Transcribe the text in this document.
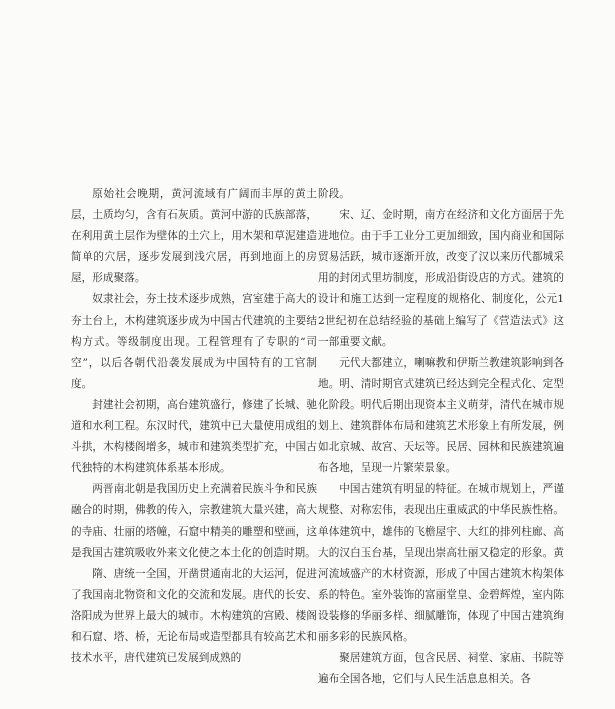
原始社会晚期，黄河流域有广阔而丰厚的黄土层，土质均匀，含有石灰质。黄河中游的氏族部落，在利用黄土层作为壁体的土穴上，用木架和草泥建造简单的穴居，逐步发展到浅穴居，再到地面上的房屋，形成聚落。

奴隶社会，夯土技术逐步成熟，宫室建于高大的夯土台上，木构建筑逐步成为中国古代建筑的主要结构方式。等级制度出现。工程管理有了专职的“司空”，以后各朝代沿袭发展成为中国特有的工官制度。

封建社会初期，高台建筑盛行，修建了长城、驰道和水利工程。东汉时代，建筑中已大量使用成组的斗拱，木构楼阁增多，城市和建筑类型扩充，中国古代独特的木构建筑体系基本形成。

两晋南北朝是我国历史上充满着民族斗争和民族融合的时期，佛教的传入，宗教建筑大量兴建，高大的寺庙、壮丽的塔幢，石窟中精美的雕塑和壁画，这是我国古建筑吸收外来文化使之本土化的创造时期。

隋、唐统一全国，开凿贯通南北的大运河，促进了我国南北物资和文化的交流和发展。唐代的长安、洛阳成为世界上最大的城市。木构建筑的宫殿、楼阁和石窟、塔、桥，无论布局或造型都具有较高艺术和技术水平，唐代建筑已发展到成熟的

阶段。

宋、辽、金时期，南方在经济和文化方面居于先进地位。由于手工业分工更加细致，国内商业和国际贸易活跃，城市逐渐开放，改变了汉以来历代都城采用的封闭式里坊制度，形成沿街设店的方式。建筑的设计和施工达到一定程度的规格化、制度化，公元12世纪初在总结经验的基础上编写了《营造法式》这一部重要文献。

元代大都建立，喇嘛教和伊斯兰教建筑影响到各地。明、清时期官式建筑已经达到完全程式化、定型化阶段。明代后期出现资本主义萌芽，清代在城市规划上、建筑群体布局和建筑艺术形象上有所发展，例如北京城、故宫、天坛等。民居、园林和民族建筑遍布各地，呈现一片繁荣景象。

中国古建筑有明显的特征。在城市规划上，严谨规整、对称宏伟，表现出庄重威武的中华民族性格。单体建筑中，雄伟的飞檐屋宇、大红的排列柱廊、高大的汉白玉台基，呈现出崇高壮丽又稳定的形象。黄河流域盛产的木材资源，形成了中国古建筑木构架体系的特色。室外装饰的富丽堂皇、金碧辉煌，室内陈设装修的华丽多样、细腻雕饰，体现了中国古建筑绚丽多彩的民族风格。

聚居建筑方面，包含民居、祠堂、家庙、书院等遍布全国各地，它们与人民生活息息相关。各
